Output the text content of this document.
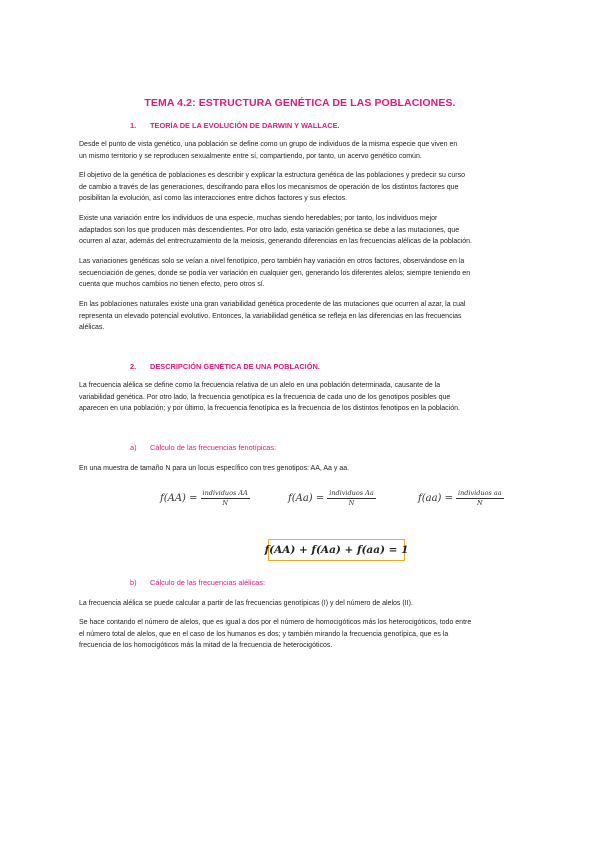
TEMA 4.2: ESTRUCTURA GENÉTICA DE LAS POBLACIONES.
1. TEORÍA DE LA EVOLUCIÓN DE DARWIN Y WALLACE.
Desde el punto de vista genético, una población se define como un grupo de individuos de la misma especie que viven en
un mismo territorio y se reproducen sexualmente entre sí, compartiendo, por tanto, un acervo genético común.
El objetivo de la genética de poblaciones es describir y explicar la estructura genética de las poblaciones y predecir su curso
de cambio a través de las generaciones, descifrando para ellos los mecanismos de operación de los distintos factores que
posibilitan la evolución, así como las interacciones entre dichos factores y sus efectos.
Existe una variación entre los individuos de una especie, muchas siendo heredables; por tanto, los individuos mejor
adaptados son los que producen más descendientes. Por otro lado, esta variación genética se debe a las mutaciones, que
ocurren al azar, además del entrecruzamiento de la meiosis, generando diferencias en las frecuencias alélicas de la población.
Las variaciones genéticas solo se veían a nivel fenotípico, pero también hay variación en otros factores, observándose en la
secuenciación de genes, donde se podía ver variación en cualquier gen, generando los diferentes alelos; siempre teniendo en
cuenta que muchos cambios no tienen efecto, pero otros sí.
En las poblaciones naturales existe una gran variabilidad genética procedente de las mutaciones que ocurren al azar, la cual
representa un elevado potencial evolutivo. Entonces, la variabilidad genética se refleja en las diferencias en las frecuencias
alélicas.
2. DESCRIPCIÓN GENÉTICA DE UNA POBLACIÓN.
La frecuencia alélica se define como la frecuencia relativa de un alelo en una población determinada, causante de la
variabilidad genética. Por otro lado, la frecuencia genotípica es la frecuencia de cada uno de los genotipos posibles que
aparecen en una población; y por último, la frecuencia fenotípica es la frecuencia de los distintos fenotipos en la población.
a) Cálculo de las frecuencias fenotípicas:
En una muestra de tamaño N para un locus específico con tres genotipos: AA, Aa y aa.
$f(AA) = \frac{\text{individuos AA}}{N}$	$f(Aa) = \frac{\text{individuos Aa}}{N}$	$f(aa) = \frac{\text{individuos aa}}{N}$
f(AA) + f(Aa) + f(aa) = 1
b) Cálculo de las frecuencias alélicas:
La frecuencia alélica se puede calcular a partir de las frecuencias genotípicas (I) y del número de alelos (II).
Se hace contando el número de alelos, que es igual a dos por el número de homocigóticos más los heterocigóticos, todo entre
el número total de alelos, que en el caso de los humanos es dos; y también mirando la frecuencia genotípica, que es la
frecuencia de los homocigóticos más la mitad de la frecuencia de heterocigóticos.
